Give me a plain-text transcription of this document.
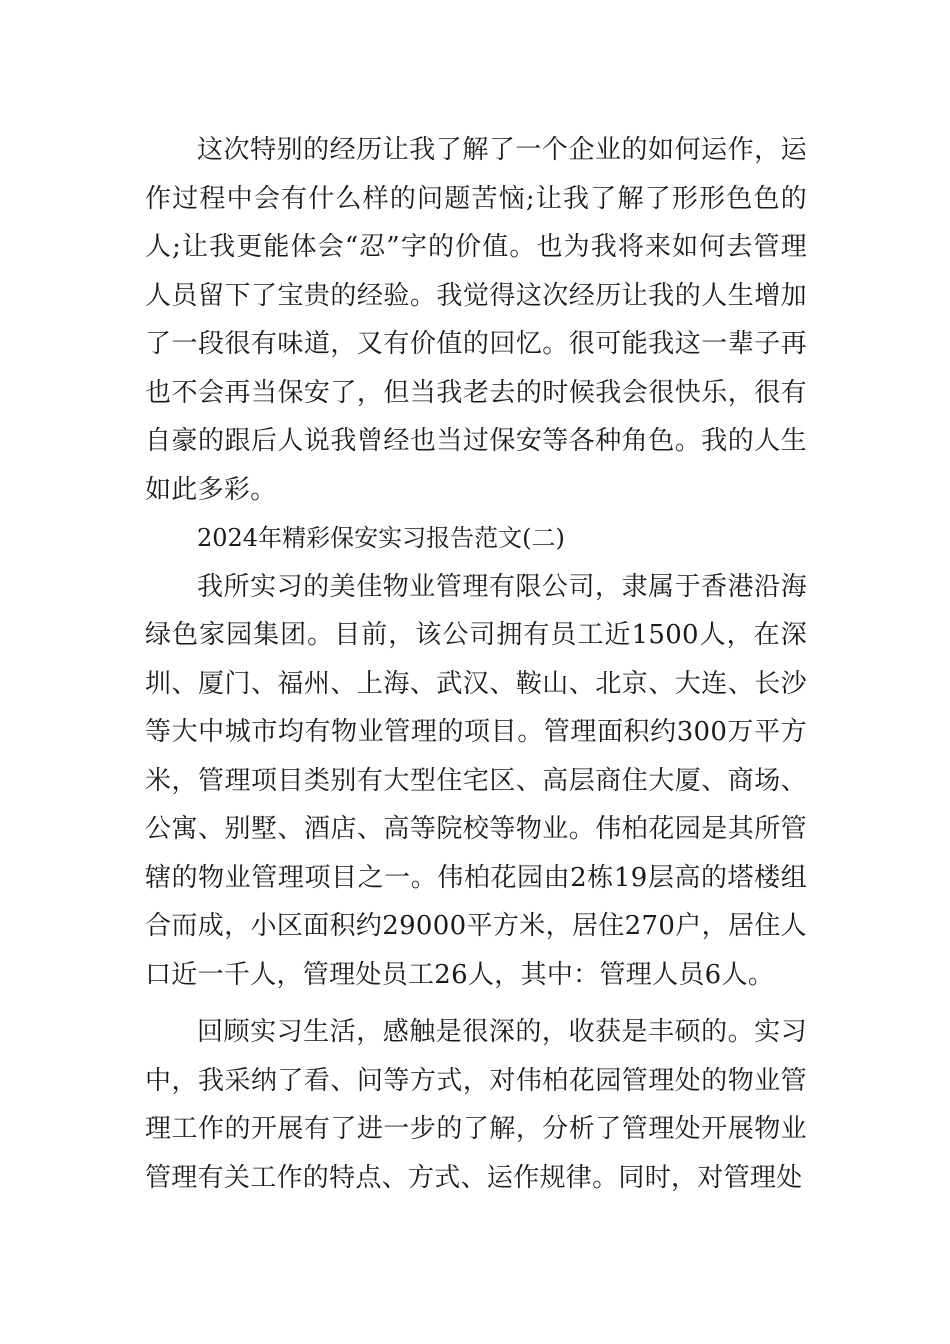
这次特别的经历让我了解了一个企业的如何运作，运作过程中会有什么样的问题苦恼;让我了解了形形色色的人;让我更能体会“忍”字的价值。也为我将来如何去管理人员留下了宝贵的经验。我觉得这次经历让我的人生增加了一段很有味道，又有价值的回忆。很可能我这一辈子再也不会再当保安了，但当我老去的时候我会很快乐，很有自豪的跟后人说我曾经也当过保安等各种角色。我的人生如此多彩。

2024年精彩保安实习报告范文(二)

我所实习的美佳物业管理有限公司，隶属于香港沿海绿色家园集团。目前，该公司拥有员工近1500人，在深圳、厦门、福州、上海、武汉、鞍山、北京、大连、长沙等大中城市均有物业管理的项目。管理面积约300万平方米，管理项目类别有大型住宅区、高层商住大厦、商场、公寓、别墅、酒店、高等院校等物业。伟柏花园是其所管辖的物业管理项目之一。伟柏花园由2栋19层高的塔楼组合而成，小区面积约29000平方米，居住270户，居住人口近一千人，管理处员工26人，其中：管理人员6人。

回顾实习生活，感触是很深的，收获是丰硕的。实习中，我采纳了看、问等方式，对伟柏花园管理处的物业管理工作的开展有了进一步的了解，分析了管理处开展物业管理有关工作的特点、方式、运作规律。同时，对管理处
